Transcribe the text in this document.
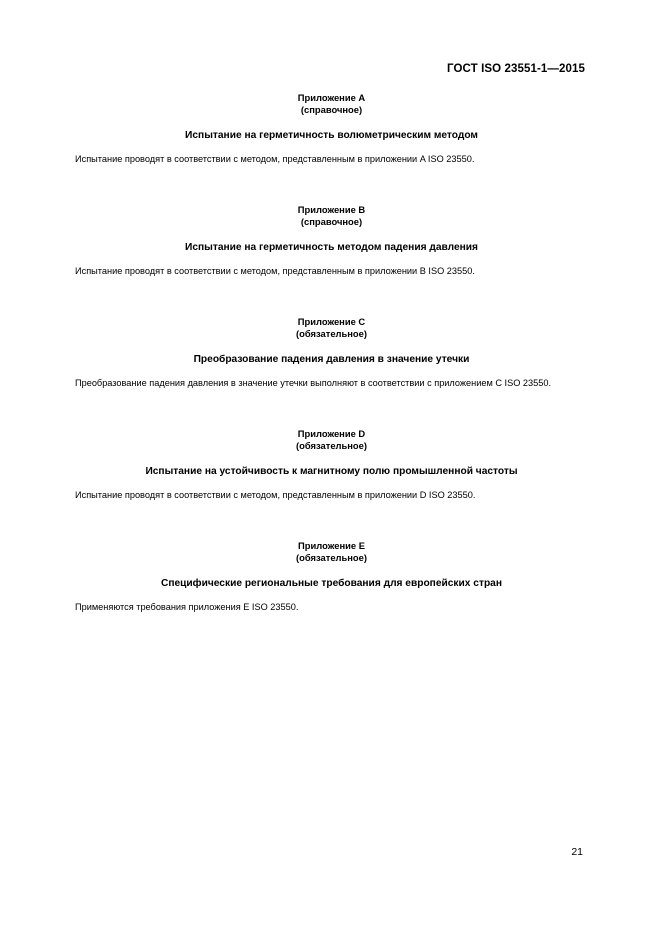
ГОСТ ISO 23551-1—2015

Приложение A

(справочное)

Испытание на герметичность волюметрическим методом

Испытание проводят в соответствии с методом, представленным в приложении A ISO 23550.

Приложение B

(справочное)

Испытание на герметичность методом падения давления

Испытание проводят в соответствии с методом, представленным в приложении B ISO 23550.

Приложение C

(обязательное)

Преобразование падения давления в значение утечки

Преобразование падения давления в значение утечки выполняют в соответствии с приложением C ISO 23550.

Приложение D

(обязательное)

Испытание на устойчивость к магнитному полю промышленной частоты

Испытание проводят в соответствии с методом, представленным в приложении D ISO 23550.

Приложение E

(обязательное)

Специфические региональные требования для европейских стран

Применяются требования приложения E ISO 23550.

21
